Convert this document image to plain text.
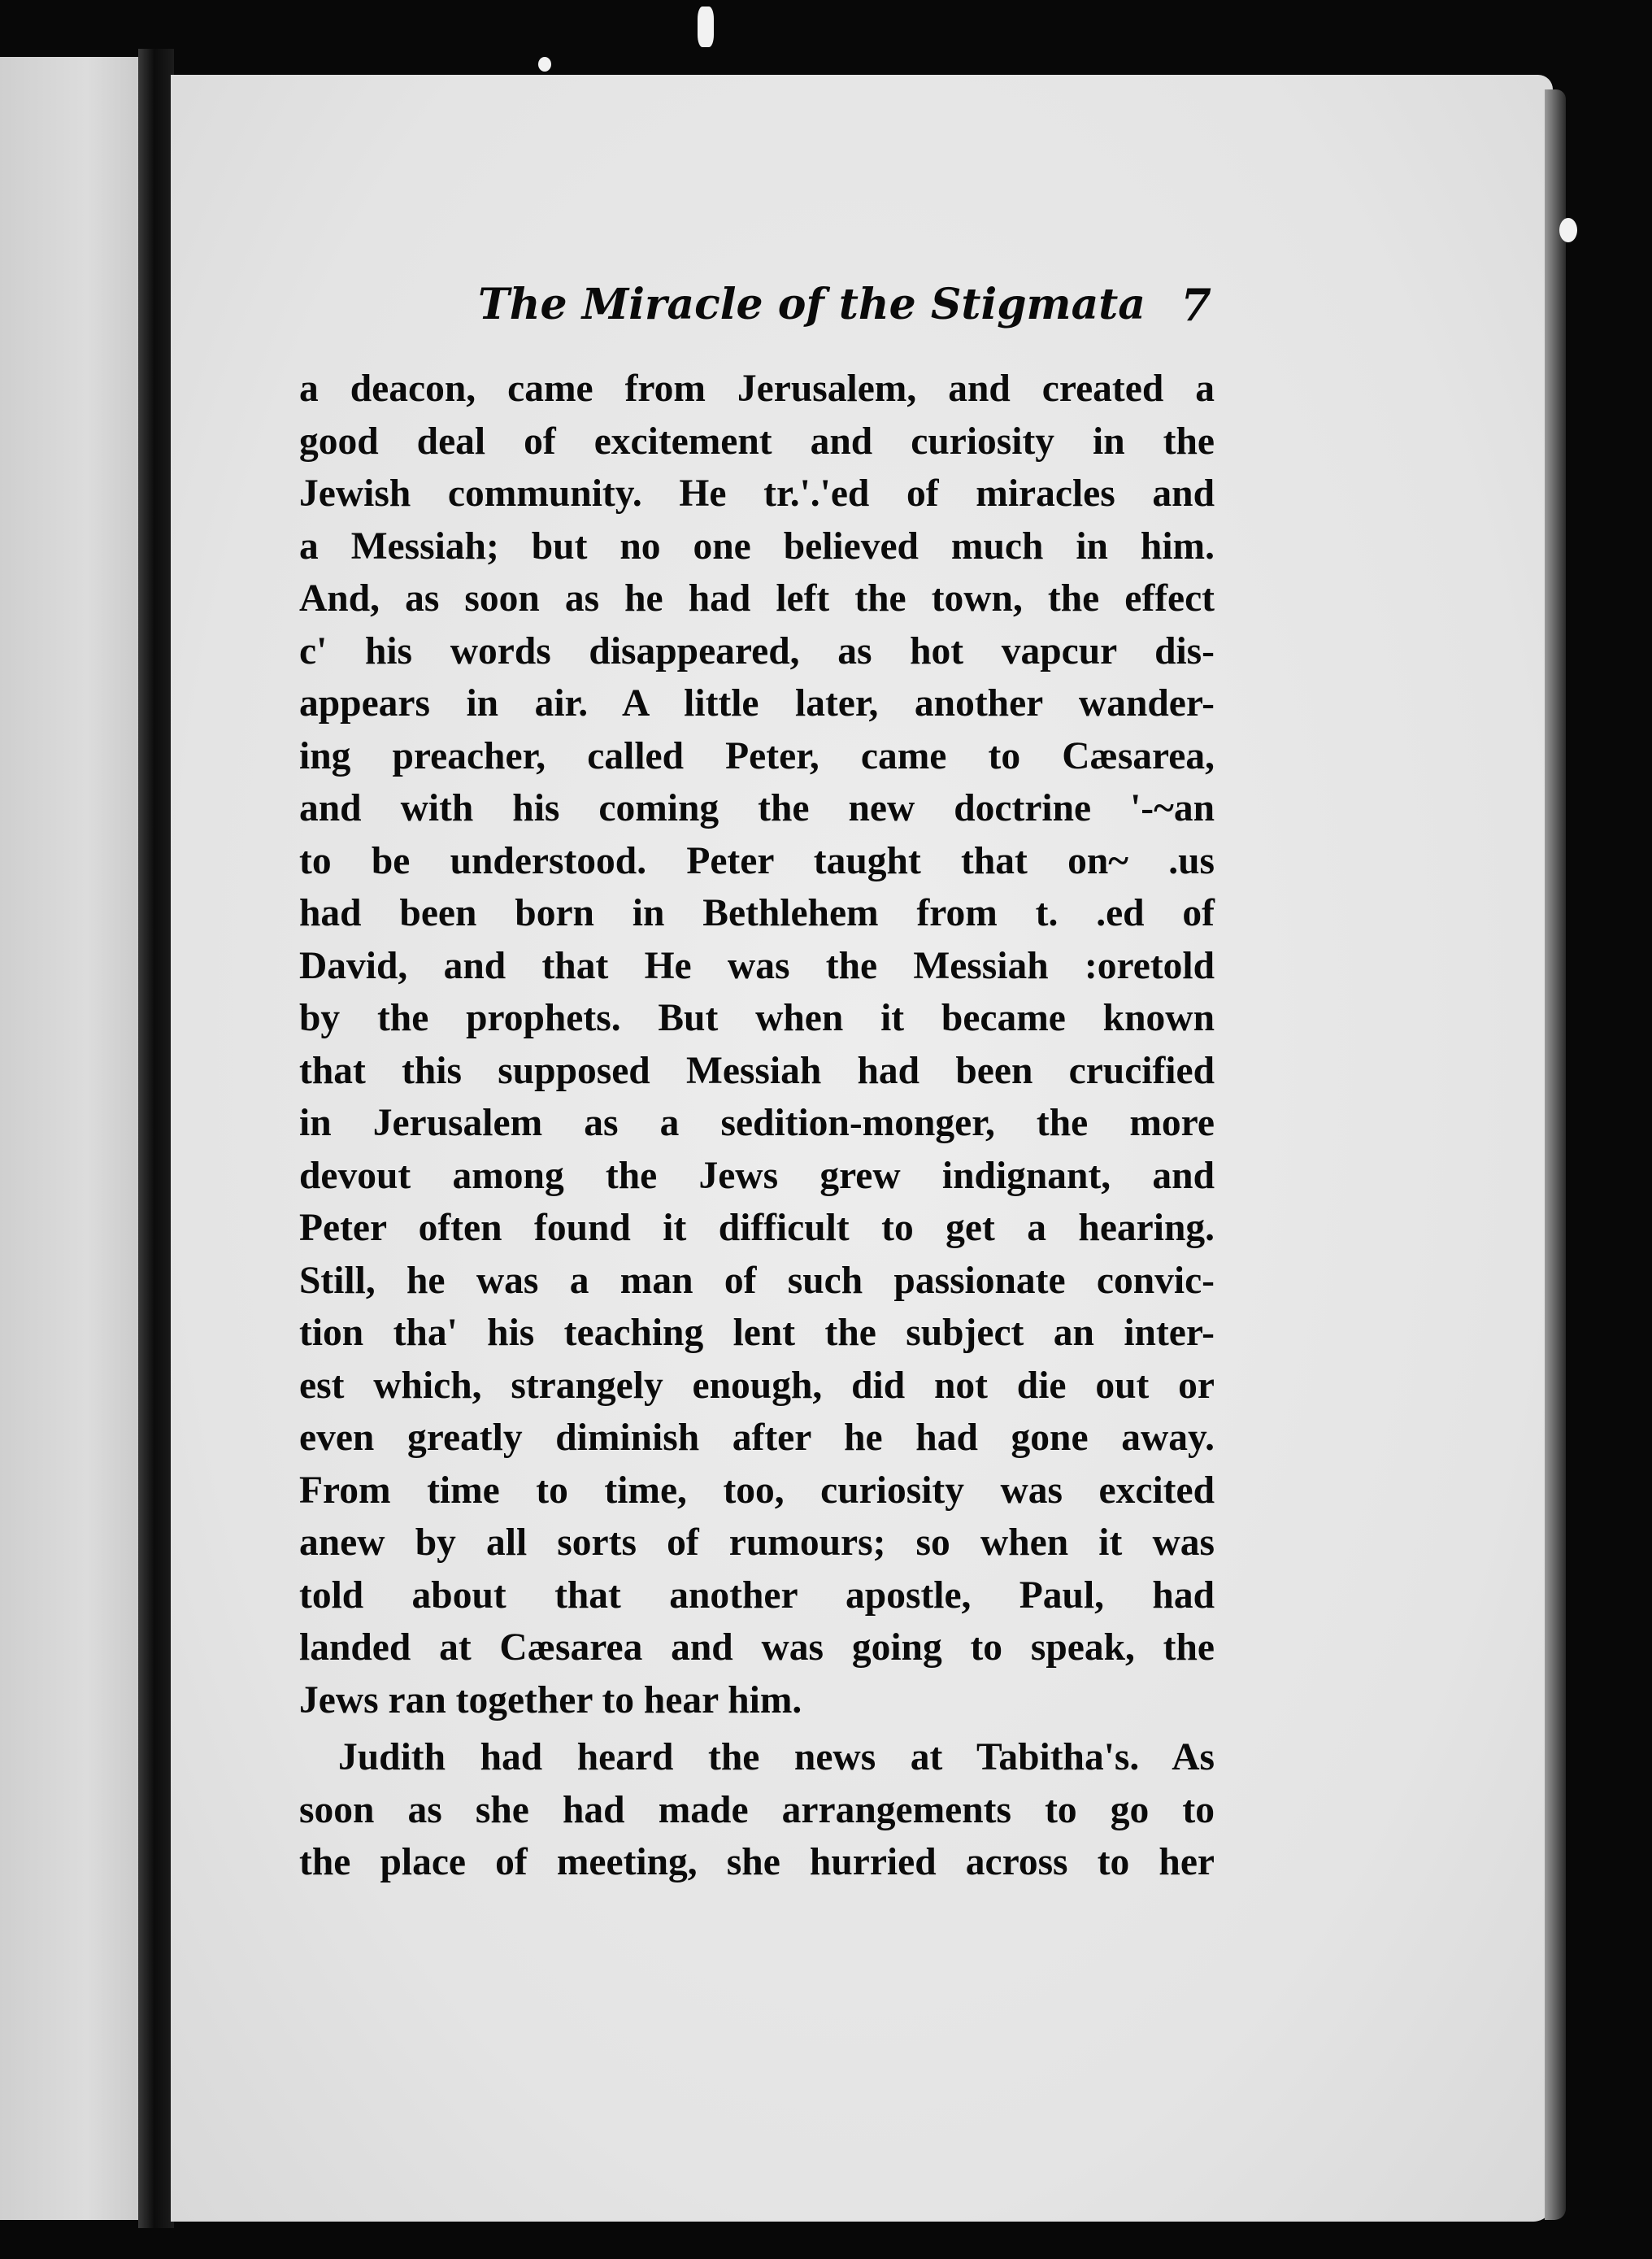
The Miracle of the Stigmata 7
a deacon, came from Jerusalem, and created a
good deal of excitement and curiosity in the
Jewish community. He tr.'.'ed of miracles and
a Messiah; but no one believed much in him.
And, as soon as he had left the town, the effect
c' his words disappeared, as hot vapcur dis-
appears in air. A little later, another wander-
ing preacher, called Peter, came to Cæsarea,
and with his coming the new doctrine '-~an
to be understood. Peter taught that on~ .us
had been born in Bethlehem from t. .ed of
David, and that He was the Messiah :oretold
by the prophets. But when it became known
that this supposed Messiah had been crucified
in Jerusalem as a sedition-monger, the more
devout among the Jews grew indignant, and
Peter often found it difficult to get a hearing.
Still, he was a man of such passionate convic-
tion tha' his teaching lent the subject an inter-
est which, strangely enough, did not die out or
even greatly diminish after he had gone away.
From time to time, too, curiosity was excited
anew by all sorts of rumours; so when it was
told about that another apostle, Paul, had
landed at Cæsarea and was going to speak, the
Jews ran together to hear him.
Judith had heard the news at Tabitha's. As
soon as she had made arrangements to go to
the place of meeting, she hurried across to her
